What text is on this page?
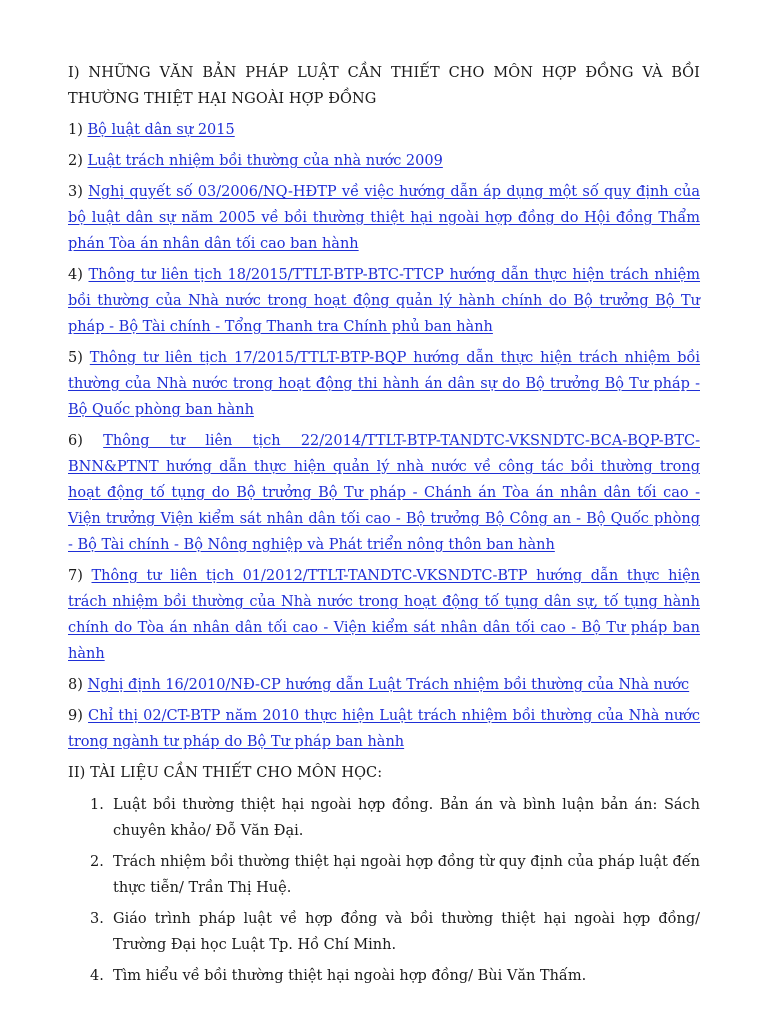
I) NHỮNG VĂN BẢN PHÁP LUẬT CẦN THIẾT CHO MÔN HỢP ĐỒNG VÀ BỒI THƯỜNG THIỆT HẠI NGOÀI HỢP ĐỒNG

1) Bộ luật dân sự 2015

2) Luật trách nhiệm bồi thường của nhà nước 2009

3) Nghị quyết số 03/2006/NQ-HĐTP về việc hướng dẫn áp dụng một số quy định của bộ luật dân sự năm 2005 về bồi thường thiệt hại ngoài hợp đồng do Hội đồng Thẩm phán Tòa án nhân dân tối cao ban hành

4) Thông tư liên tịch 18/2015/TTLT-BTP-BTC-TTCP hướng dẫn thực hiện trách nhiệm bồi thường của Nhà nước trong hoạt động quản lý hành chính do Bộ trưởng Bộ Tư pháp - Bộ Tài chính - Tổng Thanh tra Chính phủ ban hành

5) Thông tư liên tịch 17/2015/TTLT-BTP-BQP hướng dẫn thực hiện trách nhiệm bồi thường của Nhà nước trong hoạt động thi hành án dân sự do Bộ trưởng Bộ Tư pháp - Bộ Quốc phòng ban hành

6) Thông tư liên tịch 22/2014/TTLT-BTP-TANDTC-VKSNDTC-BCA-BQP-BTC-BNN&PTNT hướng dẫn thực hiện quản lý nhà nước về công tác bồi thường trong hoạt động tố tụng do Bộ trưởng Bộ Tư pháp - Chánh án Tòa án nhân dân tối cao - Viện trưởng Viện kiểm sát nhân dân tối cao - Bộ trưởng Bộ Công an - Bộ Quốc phòng - Bộ Tài chính - Bộ Nông nghiệp và Phát triển nông thôn ban hành

7) Thông tư liên tịch 01/2012/TTLT-TANDTC-VKSNDTC-BTP hướng dẫn thực hiện trách nhiệm bồi thường của Nhà nước trong hoạt động tố tụng dân sự, tố tụng hành chính do Tòa án nhân dân tối cao - Viện kiểm sát nhân dân tối cao - Bộ Tư pháp ban hành

8) Nghị định 16/2010/NĐ-CP hướng dẫn Luật Trách nhiệm bồi thường của Nhà nước

9) Chỉ thị 02/CT-BTP năm 2010 thực hiện Luật trách nhiệm bồi thường của Nhà nước trong ngành tư pháp do Bộ Tư pháp ban hành

II) TÀI LIỆU CẦN THIẾT CHO MÔN HỌC:

1. Luật bồi thường thiệt hại ngoài hợp đồng. Bản án và bình luận bản án: Sách chuyên khảo/ Đỗ Văn Đại.
2. Trách nhiệm bồi thường thiệt hại ngoài hợp đồng từ quy định của pháp luật đến thực tiễn/ Trần Thị Huệ.
3. Giáo trình pháp luật về hợp đồng và bồi thường thiệt hại ngoài hợp đồng/ Trường Đại học Luật Tp. Hồ Chí Minh.
4. Tìm hiểu về bồi thường thiệt hại ngoài hợp đồng/ Bùi Văn Thấm.
